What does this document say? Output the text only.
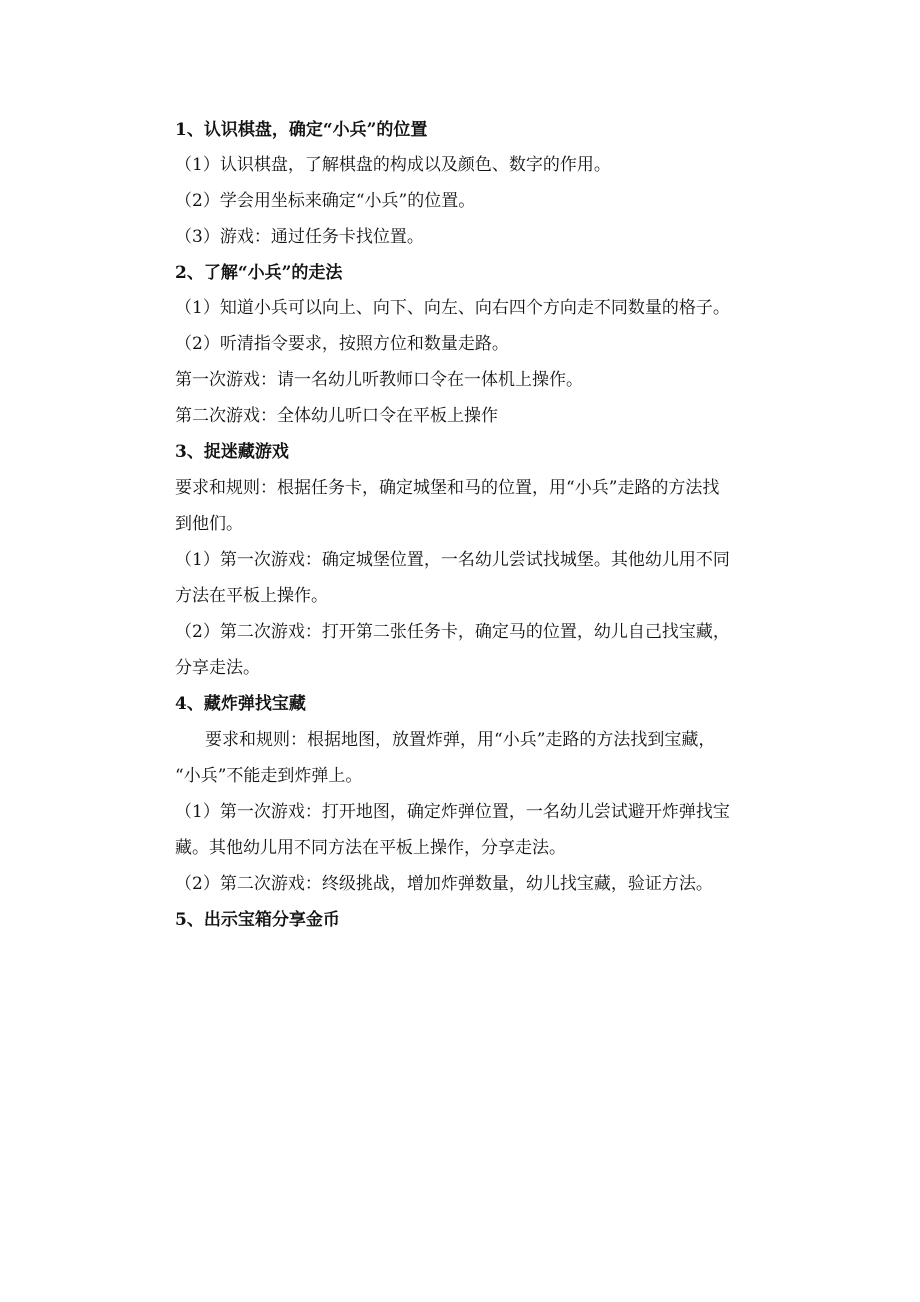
1、认识棋盘，确定“小兵”的位置
（1）认识棋盘，了解棋盘的构成以及颜色、数字的作用。
（2）学会用坐标来确定“小兵”的位置。
（3）游戏：通过任务卡找位置。
2、了解“小兵”的走法
（1）知道小兵可以向上、向下、向左、向右四个方向走不同数量的格子。
（2）听清指令要求，按照方位和数量走路。
第一次游戏：请一名幼儿听教师口令在一体机上操作。
第二次游戏：全体幼儿听口令在平板上操作
3、捉迷藏游戏
要求和规则：根据任务卡，确定城堡和马的位置，用“小兵”走路的方法找
到他们。
（1）第一次游戏：确定城堡位置，一名幼儿尝试找城堡。其他幼儿用不同
方法在平板上操作。
（2）第二次游戏：打开第二张任务卡，确定马的位置，幼儿自己找宝藏，
分享走法。
4、藏炸弹找宝藏
要求和规则：根据地图，放置炸弹，用“小兵”走路的方法找到宝藏，
“小兵”不能走到炸弹上。
（1）第一次游戏：打开地图，确定炸弹位置，一名幼儿尝试避开炸弹找宝
藏。其他幼儿用不同方法在平板上操作，分享走法。
（2）第二次游戏：终级挑战，增加炸弹数量，幼儿找宝藏，验证方法。
5、出示宝箱分享金币
